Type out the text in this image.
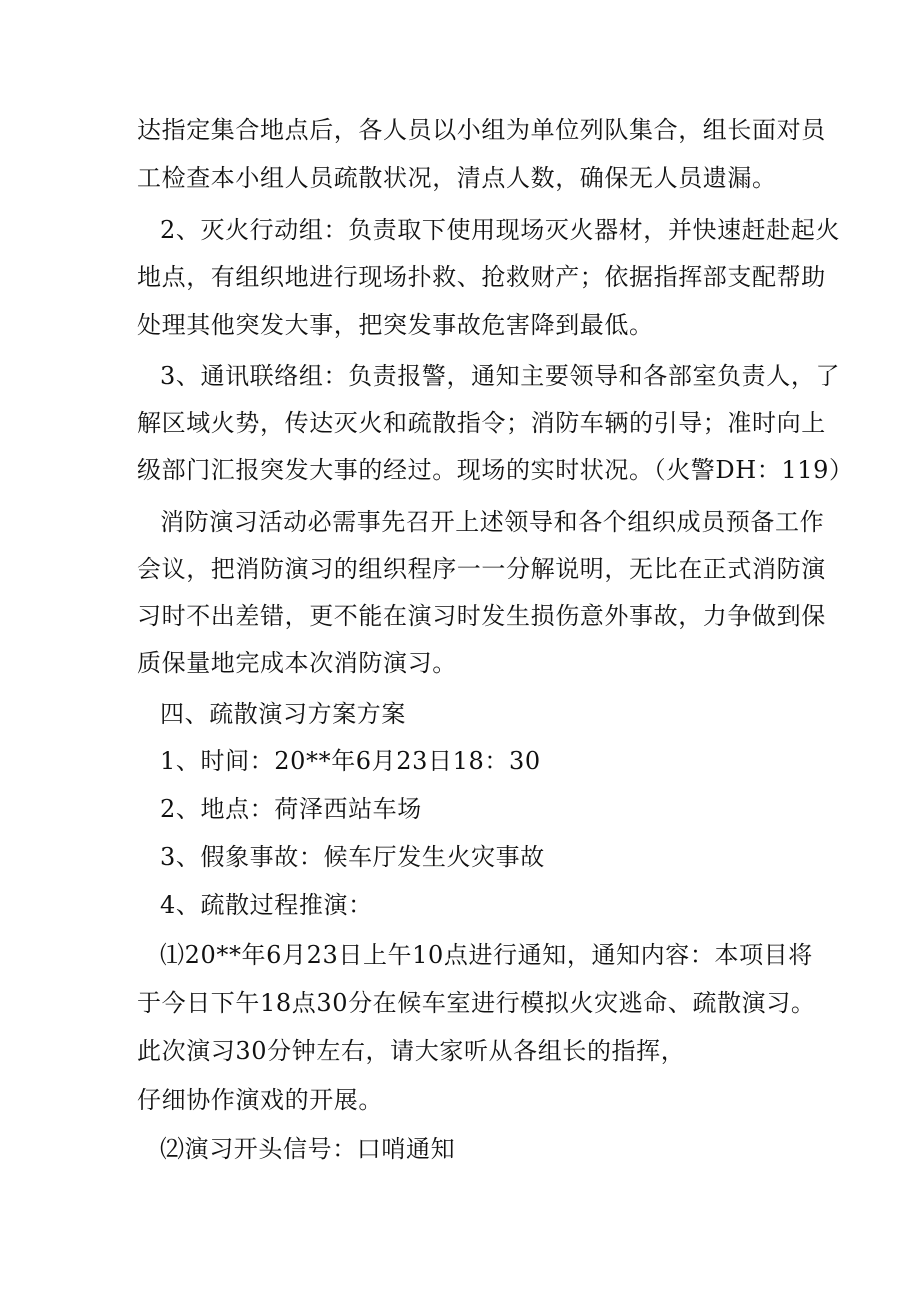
达指定集合地点后，各人员以小组为单位列队集合，组长面对员
工检查本小组人员疏散状况，清点人数，确保无人员遗漏。
2、灭火行动组：负责取下使用现场灭火器材，并快速赶赴起火
地点，有组织地进行现场扑救、抢救财产；依据指挥部支配帮助
处理其他突发大事，把突发事故危害降到最低。
3、通讯联络组：负责报警，通知主要领导和各部室负责人，了
解区域火势，传达灭火和疏散指令；消防车辆的引导；准时向上
级部门汇报突发大事的经过。现场的实时状况。（火警DH：119）
消防演习活动必需事先召开上述领导和各个组织成员预备工作
会议，把消防演习的组织程序一一分解说明，无比在正式消防演
习时不出差错，更不能在演习时发生损伤意外事故，力争做到保
质保量地完成本次消防演习。
四、疏散演习方案方案
1、时间：20**年6月23日18：30
2、地点：荷泽西站车场
3、假象事故：候车厅发生火灾事故
4、疏散过程推演：
⑴20**年6月23日上午10点进行通知，通知内容：本项目将
于今日下午18点30分在候车室进行模拟火灾逃命、疏散演习。
此次演习30分钟左右，请大家听从各组长的指挥，
仔细协作演戏的开展。
⑵演习开头信号：口哨通知
